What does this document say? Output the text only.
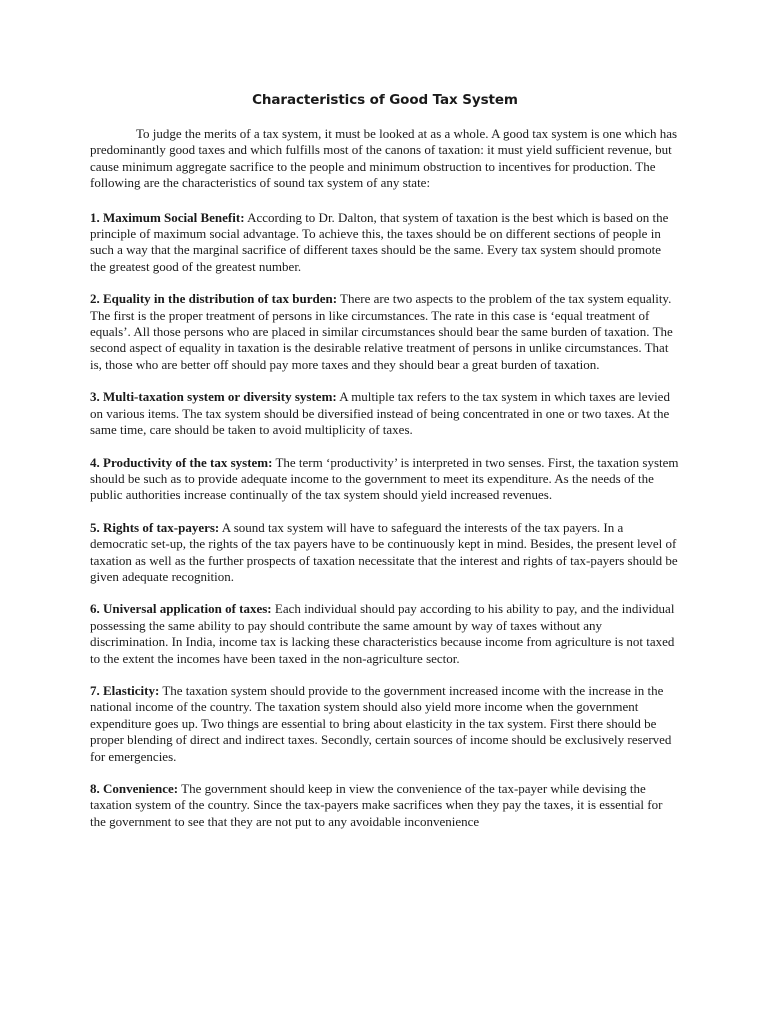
Characteristics of Good Tax System

To judge the merits of a tax system, it must be looked at as a whole. A good tax system is one which has predominantly good taxes and which fulfills most of the canons of taxation: it must yield sufficient revenue, but cause minimum aggregate sacrifice to the people and minimum obstruction to incentives for production. The following are the characteristics of sound tax system of any state:

1. Maximum Social Benefit: According to Dr. Dalton, that system of taxation is the best which is based on the principle of maximum social advantage. To achieve this, the taxes should be on different sections of people in such a way that the marginal sacrifice of different taxes should be the same. Every tax system should promote the greatest good of the greatest number.

2. Equality in the distribution of tax burden: There are two aspects to the problem of the tax system equality. The first is the proper treatment of persons in like circumstances. The rate in this case is ‘equal treatment of equals’. All those persons who are placed in similar circumstances should bear the same burden of taxation. The second aspect of equality in taxation is the desirable relative treatment of persons in unlike circumstances. That is, those who are better off should pay more taxes and they should bear a great burden of taxation.

3. Multi-taxation system or diversity system: A multiple tax refers to the tax system in which taxes are levied on various items. The tax system should be diversified instead of being concentrated in one or two taxes. At the same time, care should be taken to avoid multiplicity of taxes.

4. Productivity of the tax system: The term ‘productivity’ is interpreted in two senses. First, the taxation system should be such as to provide adequate income to the government to meet its expenditure. As the needs of the public authorities increase continually of the tax system should yield increased revenues.

5. Rights of tax-payers: A sound tax system will have to safeguard the interests of the tax payers. In a democratic set-up, the rights of the tax payers have to be continuously kept in mind. Besides, the present level of taxation as well as the further prospects of taxation necessitate that the interest and rights of tax-payers should be given adequate recognition.

6. Universal application of taxes: Each individual should pay according to his ability to pay, and the individual possessing the same ability to pay should contribute the same amount by way of taxes without any discrimination. In India, income tax is lacking these characteristics because income from agriculture is not taxed to the extent the incomes have been taxed in the non-agriculture sector.

7. Elasticity: The taxation system should provide to the government increased income with the increase in the national income of the country. The taxation system should also yield more income when the government expenditure goes up. Two things are essential to bring about elasticity in the tax system. First there should be proper blending of direct and indirect taxes. Secondly, certain sources of income should be exclusively reserved for emergencies.

8. Convenience: The government should keep in view the convenience of the tax-payer while devising the taxation system of the country. Since the tax-payers make sacrifices when they pay the taxes, it is essential for the government to see that they are not put to any avoidable inconvenience
